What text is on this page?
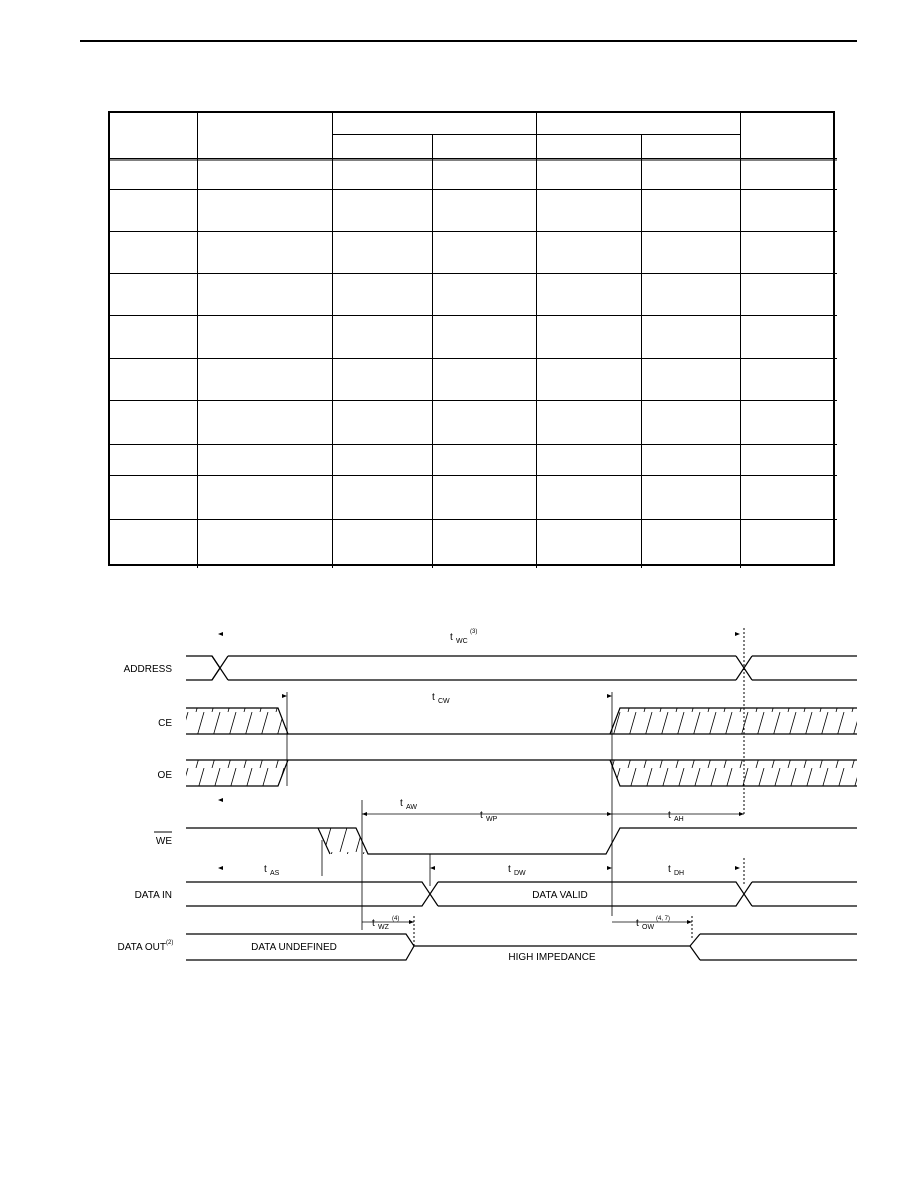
ADDRESS
CE
OE
WE
DATA IN
DATA OUT (2)
DATA VALID
DATA UNDEFINED
HIGH IMPEDANCE
t WC
(3)
t CW
t AW
t WP	t AH
t AS	t DW	t DH
t WZ
(4)	t OW
(4, 7)
